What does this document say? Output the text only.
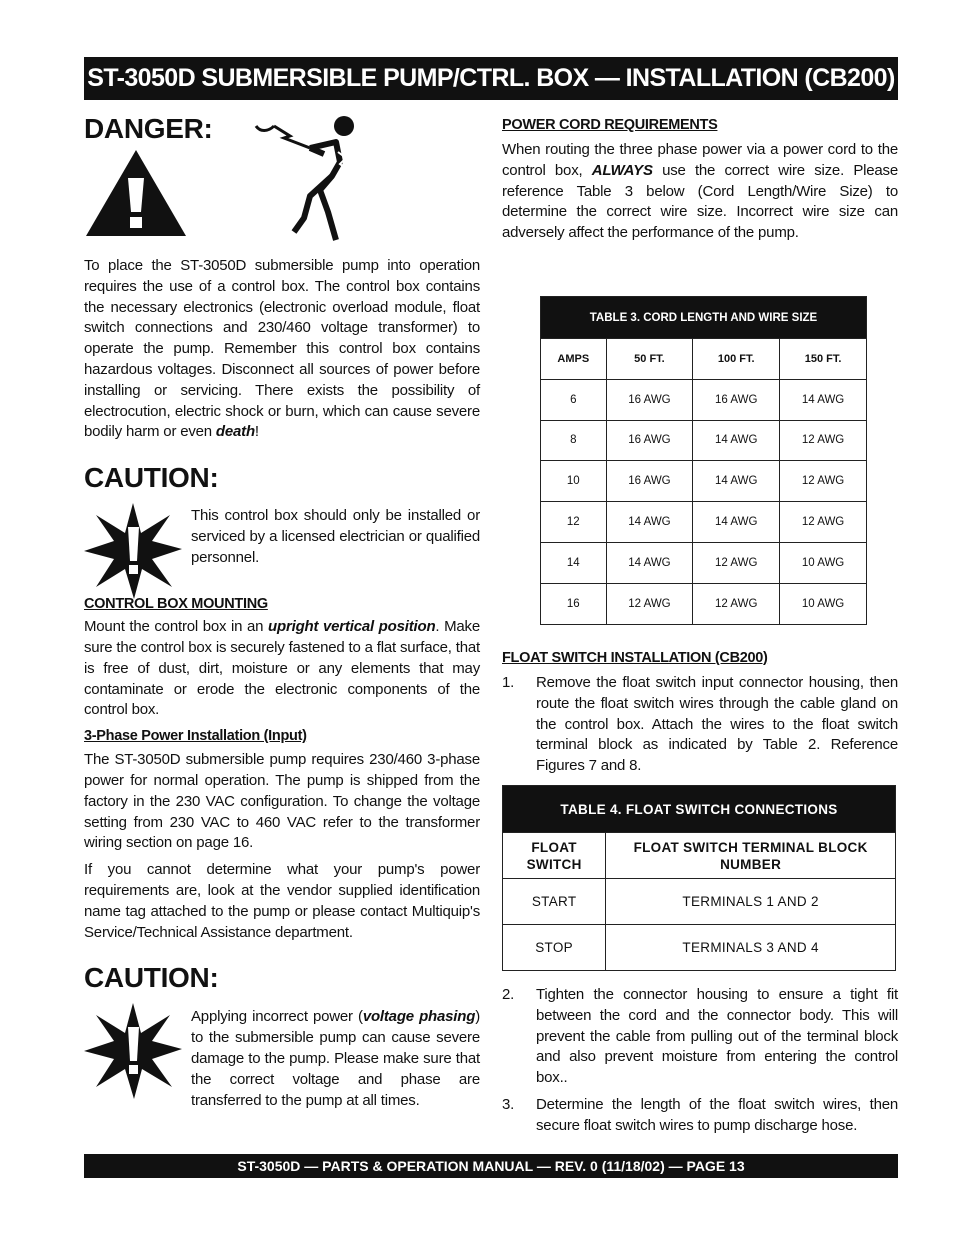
ST-3050D SUBMERSIBLE PUMP/CTRL. BOX — INSTALLATION (CB200)
DANGER:

To place the ST-3050D submersible pump into operation requires the use of a control box. The control box contains the necessary electronics (electronic overload module, float switch connections and 230/460 voltage transformer) to operate the pump. Remember this control box contains hazardous voltages. Disconnect all sources of power before installing or servicing. There exists the possibility of electrocution, electric shock or burn, which can cause severe bodily harm or even death!

CAUTION:

This control box should only be installed or serviced by a licensed electrician or qualified personnel.

CONTROL BOX MOUNTING

Mount the control box in an upright vertical position. Make sure the control box is securely fastened to a flat surface, that is free of dust, dirt, moisture or any elements that may contaminate or erode the electronic components of the control box.

3-Phase Power Installation (Input)

The ST-3050D submersible pump requires 230/460 3-phase power for normal operation. The pump is shipped from the factory in the 230 VAC configuration. To change the voltage setting from 230 VAC to 460 VAC refer to the transformer wiring section on page 16.

If you cannot determine what your pump's power requirements are, look at the vendor supplied identification name tag attached to the pump or please contact Multiquip's Service/Technical Assistance department.

CAUTION:

Applying incorrect power (voltage phasing) to the submersible pump can cause severe damage to the pump. Please make sure that the correct voltage and phase are transferred to the pump at all times.

POWER CORD REQUIREMENTS

When routing the three phase power via a power cord to the control box, ALWAYS use the correct wire size. Please reference Table 3 below (Cord Length/Wire Size) to determine the correct wire size. Incorrect wire size can adversely affect the performance of the pump.

TABLE 3. CORD LENGTH AND WIRE SIZE			
AMPS	50 FT.	100 FT.	150 FT.
6	16 AWG	16 AWG	14 AWG
8	16 AWG	14 AWG	12 AWG
10	16 AWG	14 AWG	12 AWG
12	14 AWG	14 AWG	12 AWG
14	14 AWG	12 AWG	10 AWG
16	12 AWG	12 AWG	10 AWG
FLOAT SWITCH INSTALLATION (CB200)
1. Remove the float switch input connector housing, then route the float switch wires through the cable gland on the control box. Attach the wires to the float switch terminal block as indicated by Table 2. Reference Figures 7 and 8.
TABLE 4. FLOAT SWITCH CONNECTIONS	
FLOAT SWITCH	FLOAT SWITCH TERMINAL BLOCK NUMBER
START	TERMINALS 1 AND 2
STOP	TERMINALS 3 AND 4
2. Tighten the connector housing to ensure a tight fit between the cord and the connector body. This will prevent the cable from pulling out of the terminal block and also prevent moisture from entering the control box..
3. Determine the length of the float switch wires, then secure float switch wires to pump discharge hose.
ST-3050D — PARTS & OPERATION MANUAL — REV. 0 (11/18/02) — PAGE 13
